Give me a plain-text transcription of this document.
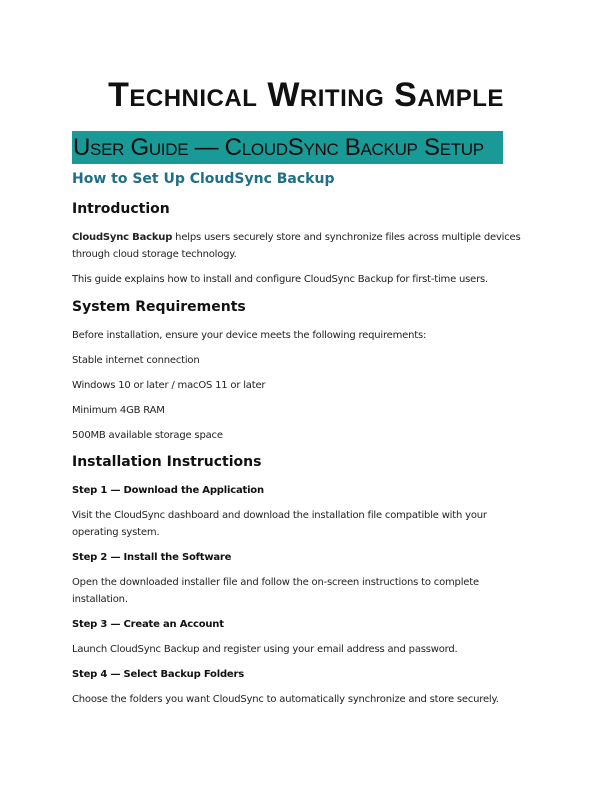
Technical Writing Sample
User Guide — CloudSync Backup Setup
How to Set Up CloudSync Backup
Introduction
CloudSync Backup helps users securely store and synchronize files across multiple devices through cloud storage technology.
This guide explains how to install and configure CloudSync Backup for first-time users.
System Requirements
Before installation, ensure your device meets the following requirements:
Stable internet connection
Windows 10 or later / macOS 11 or later
Minimum 4GB RAM
500MB available storage space
Installation Instructions
Step 1 — Download the Application
Visit the CloudSync dashboard and download the installation file compatible with your operating system.
Step 2 — Install the Software
Open the downloaded installer file and follow the on-screen instructions to complete installation.
Step 3 — Create an Account
Launch CloudSync Backup and register using your email address and password.
Step 4 — Select Backup Folders
Choose the folders you want CloudSync to automatically synchronize and store securely.
